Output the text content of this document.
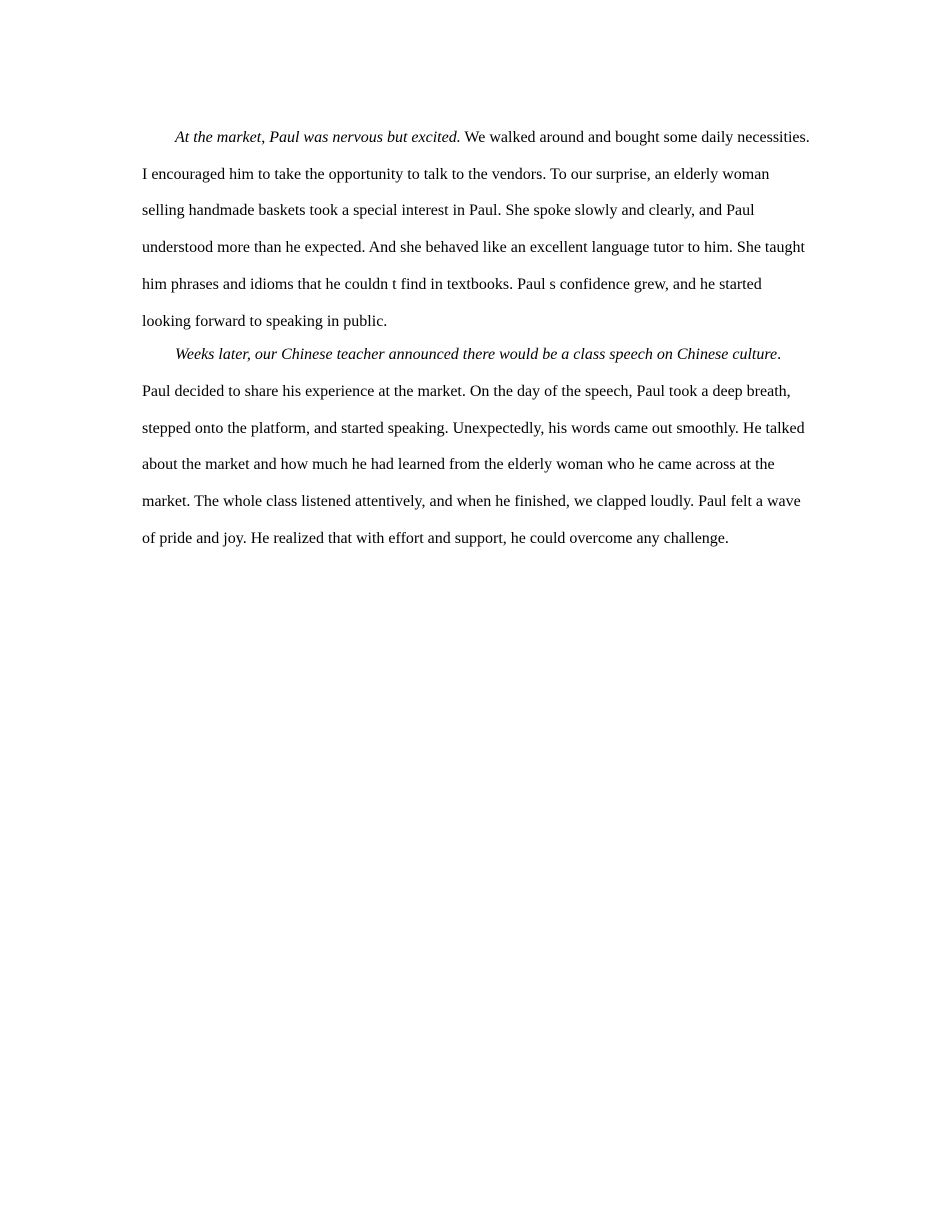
At the market, Paul was nervous but excited. We walked around and bought some daily necessities. I encouraged him to take the opportunity to talk to the vendors. To our surprise, an elderly woman selling handmade baskets took a special interest in Paul. She spoke slowly and clearly, and Paul understood more than he expected. And she behaved like an excellent language tutor to him. She taught him phrases and idioms that he couldn t find in textbooks. Paul s confidence grew, and he started looking forward to speaking in public.

Weeks later, our Chinese teacher announced there would be a class speech on Chinese culture. Paul decided to share his experience at the market. On the day of the speech, Paul took a deep breath, stepped onto the platform, and started speaking. Unexpectedly, his words came out smoothly. He talked about the market and how much he had learned from the elderly woman who he came across at the market. The whole class listened attentively, and when he finished, we clapped loudly. Paul felt a wave of pride and joy. He realized that with effort and support, he could overcome any challenge.
